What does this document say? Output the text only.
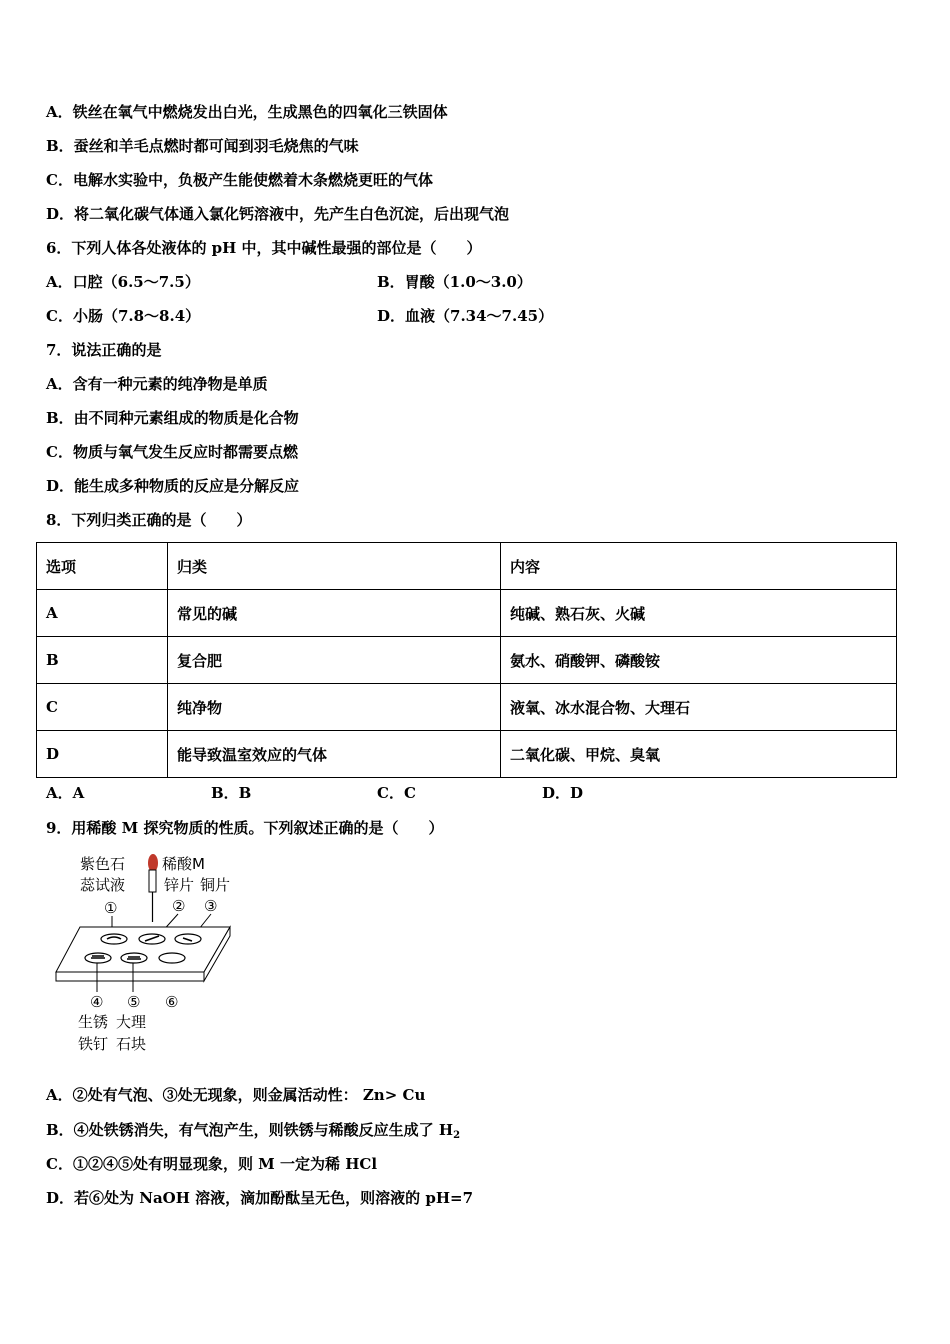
A．铁丝在氧气中燃烧发出白光，生成黑色的四氧化三铁固体
B．蚕丝和羊毛点燃时都可闻到羽毛烧焦的气味
C．电解水实验中，负极产生能使燃着木条燃烧更旺的气体
D．将二氧化碳气体通入氯化钙溶液中，先产生白色沉淀，后出现气泡
6．下列人体各处液体的 pH 中，其中碱性最强的部位是（　　）
A．口腔（6.5～7.5）	B．胃酸（1.0～3.0）
C．小肠（7.8～8.4）	D．血液（7.34～7.45）
7．说法正确的是
A．含有一种元素的纯净物是单质
B．由不同种元素组成的物质是化合物
C．物质与氧气发生反应时都需要点燃
D．能生成多种物质的反应是分解反应
8．下列归类正确的是（　　）
选项	归类	内容
A	常见的碱	纯碱、熟石灰、火碱
B	复合肥	氨水、硝酸钾、磷酸铵
C	纯净物	液氧、冰水混合物、大理石
D	能导致温室效应的气体	二氧化碳、甲烷、臭氧
A．A	B．B	C．C	D．D
9．用稀酸 M 探究物质的性质。下列叙述正确的是（　　）
紫色石
蕊试液
稀酸M
锌片 铜片
①	② ③
④ ⑤ ⑥
生锈
铁钉
大理
石块
A．②处有气泡、③处无现象，则金属活动性： Zn> Cu
B．④处铁锈消失，有气泡产生，则铁锈与稀酸反应生成了 $H_2$
C．①②④⑤处有明显现象，则 M 一定为稀 HCl
D．若⑥处为 NaOH 溶液，滴加酚酞呈无色，则溶液的 pH=7
